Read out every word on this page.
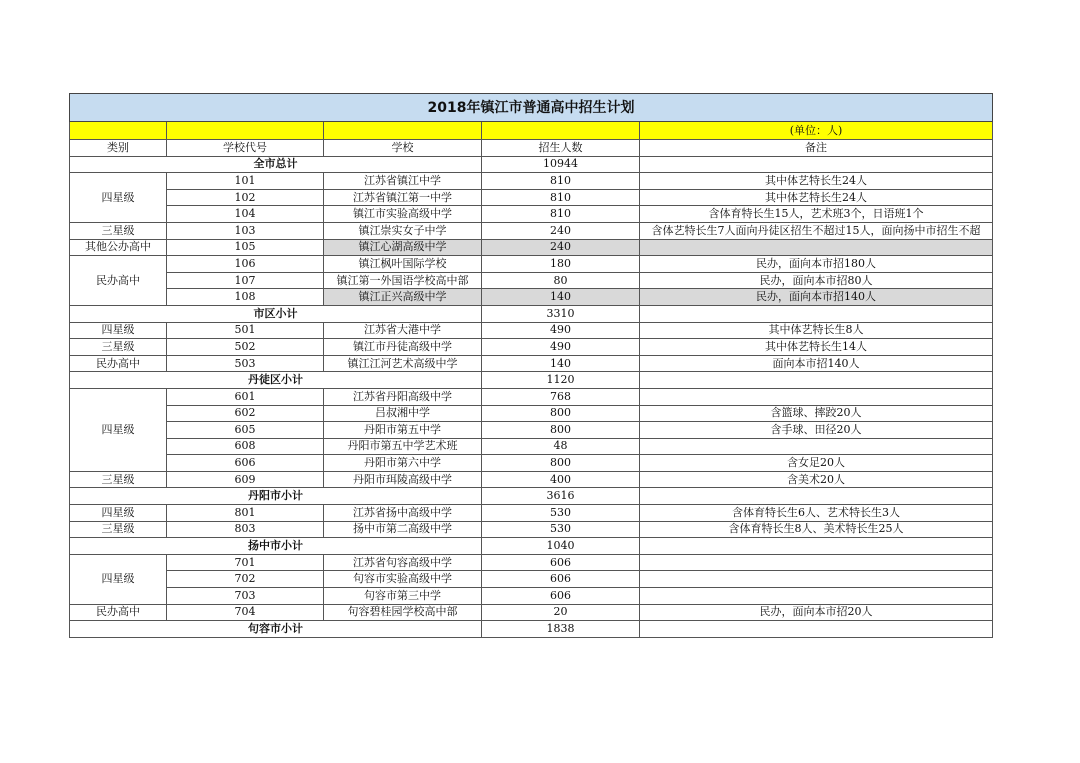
2018年镇江市普通高中招生计划				
				(单位：人)
类别	学校代号	学校	招生人数	备注
全市总计			10944	
四星级	101	江苏省镇江中学	810	其中体艺特长生24人
	102	江苏省镇江第一中学	810	其中体艺特长生24人
	104	镇江市实验高级中学	810	含体育特长生15人，艺术班3个，日语班1个
三星级	103	镇江崇实女子中学	240	含体艺特长生7人面向丹徒区招生不超过15人，面向扬中市招生不超
其他公办高中	105	镇江心湖高级中学	240	
民办高中	106	镇江枫叶国际学校	180	民办，面向本市招180人
	107	镇江第一外国语学校高中部	80	民办，面向本市招80人
	108	镇江正兴高级中学	140	民办，面向本市招140人
市区小计			3310	
四星级	501	江苏省大港中学	490	其中体艺特长生8人
三星级	502	镇江市丹徒高级中学	490	其中体艺特长生14人
民办高中	503	镇江江河艺术高级中学	140	面向本市招140人
丹徒区小计			1120	
四星级	601	江苏省丹阳高级中学	768	
	602	吕叔湘中学	800	含篮球、摔跤20人
	605	丹阳市第五中学	800	含手球、田径20人
	608	丹阳市第五中学艺术班	48	
	606	丹阳市第六中学	800	含女足20人
三星级	609	丹阳市珥陵高级中学	400	含美术20人
丹阳市小计			3616	
四星级	801	江苏省扬中高级中学	530	含体育特长生6人、艺术特长生3人
三星级	803	扬中市第二高级中学	530	含体育特长生8人、美术特长生25人
扬中市小计			1040	
四星级	701	江苏省句容高级中学	606	
	702	句容市实验高级中学	606	
	703	句容市第三中学	606	
民办高中	704	句容碧桂园学校高中部	20	民办，面向本市招20人
句容市小计			1838	
